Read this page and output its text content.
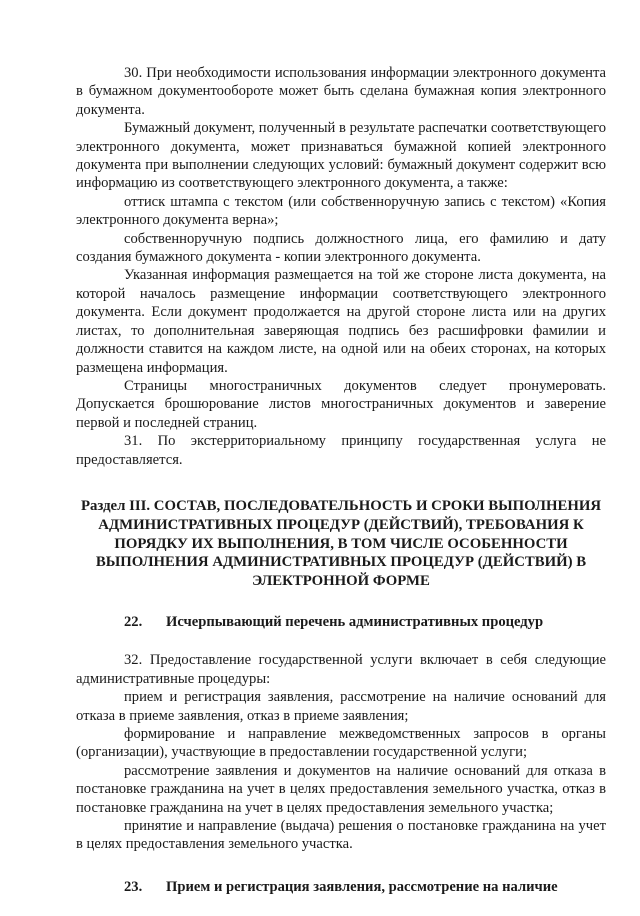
30. При необходимости использования информации электронного документа в бумажном документообороте может быть сделана бумажная копия электронного документа.

Бумажный документ, полученный в результате распечатки соответствующего электронного документа, может признаваться бумажной копией электронного документа при выполнении следующих условий: бумажный документ содержит всю информацию из соответствующего электронного документа, а также:

оттиск штампа с текстом (или собственноручную запись с текстом) «Копия электронного документа верна»;

собственноручную подпись должностного лица, его фамилию и дату создания бумажного документа - копии электронного документа.

Указанная информация размещается на той же стороне листа документа, на которой началось размещение информации соответствующего электронного документа. Если документ продолжается на другой стороне листа или на других листах, то дополнительная заверяющая подпись без расшифровки фамилии и должности ставится на каждом листе, на одной или на обеих сторонах, на которых размещена информация.

Страницы многостраничных документов следует пронумеровать. Допускается брошюрование листов многостраничных документов и заверение первой и последней страниц.

31. По экстерриториальному принципу государственная услуга не предоставляется.

Раздел III. СОСТАВ, ПОСЛЕДОВАТЕЛЬНОСТЬ И СРОКИ ВЫПОЛНЕНИЯ АДМИНИСТРАТИВНЫХ ПРОЦЕДУР (ДЕЙСТВИЙ), ТРЕБОВАНИЯ К ПОРЯДКУ ИХ ВЫПОЛНЕНИЯ, В ТОМ ЧИСЛЕ ОСОБЕННОСТИ ВЫПОЛНЕНИЯ АДМИНИСТРАТИВНЫХ ПРОЦЕДУР (ДЕЙСТВИЙ) В ЭЛЕКТРОННОЙ ФОРМЕ
22.	Исчерпывающий перечень административных процедур

32. Предоставление государственной услуги включает в себя следующие административные процедуры:

прием и регистрация заявления, рассмотрение на наличие оснований для отказа в приеме заявления, отказ в приеме заявления;

формирование и направление межведомственных запросов в органы (организации), участвующие в предоставлении государственной услуги;

рассмотрение заявления и документов на наличие оснований для отказа в постановке гражданина на учет в целях предоставления земельного участка, отказ в постановке гражданина на учет в целях предоставления земельного участка;

принятие и направление (выдача) решения о постановке гражданина на учет в целях предоставления земельного участка.

23.	Прием и регистрация заявления, рассмотрение на наличие
